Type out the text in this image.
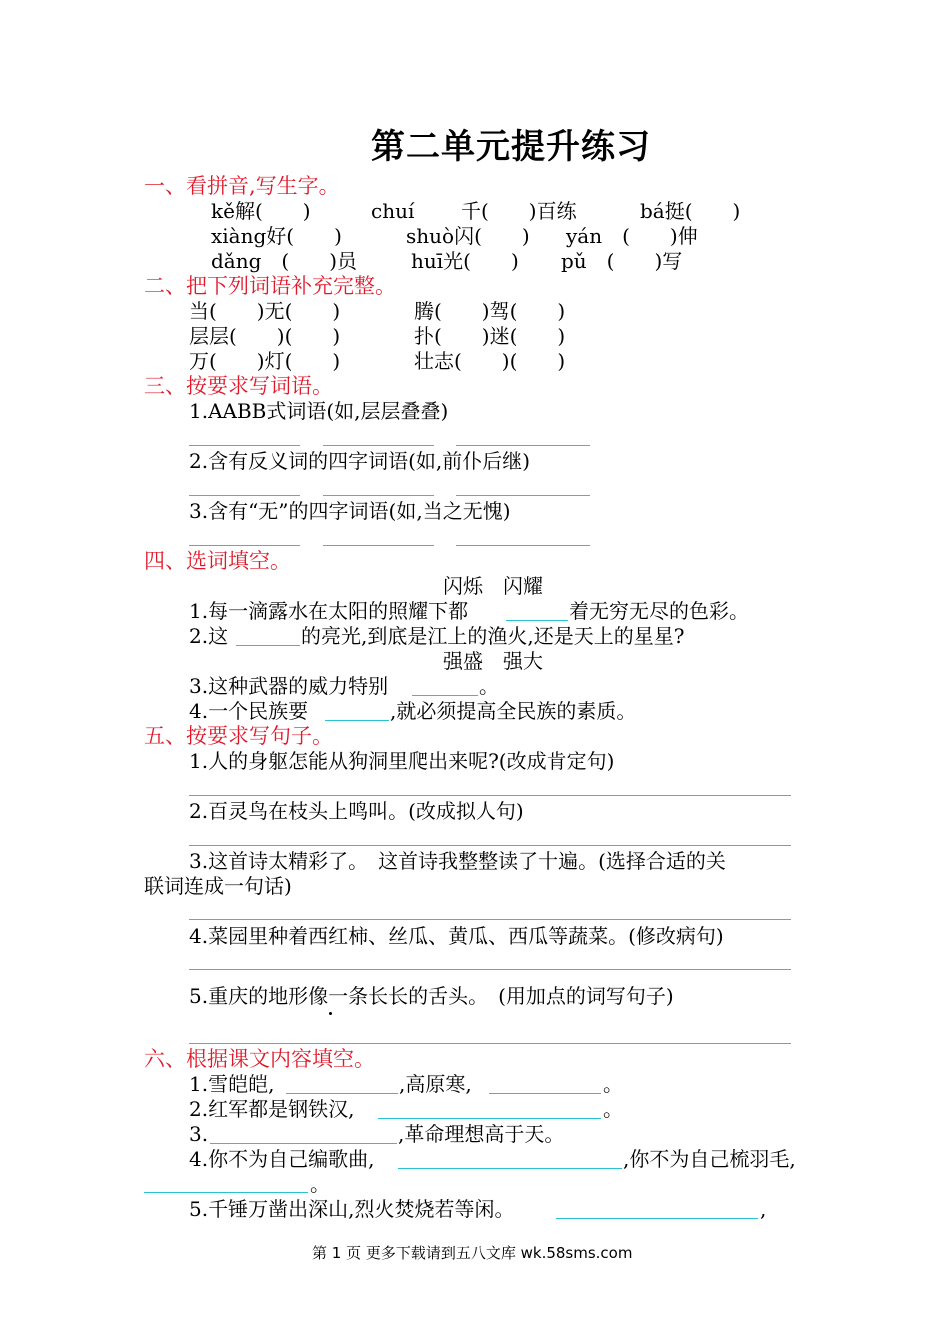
第二单元提升练习
一、看拼音,写生字。
kě解(　　)	chuí 千(　　)百练	bá挺(　　)
xiàng好(　　)	shuò闪(　　) yán　(　　)伸
dǎng　(　　)员	huī光(　　) pǔ　(　　)写
二、把下列词语补充完整。
当(　　)无(　　)	腾(　　)驾(　　)
层层(　　)(　　)	扑(　　)迷(　　)
万(　　)灯(　　)	壮志(　　)(　　)
三、按要求写词语。
1.AABB式词语(如,层层叠叠)
2.含有反义词的四字词语(如,前仆后继)
3.含有“无”的四字词语(如,当之无愧)
四、选词填空。
闪烁　闪耀
1.每一滴露水在太阳的照耀下都	着无穷无尽的色彩。
2.这	的亮光,到底是江上的渔火,还是天上的星星?
强盛　强大
3.这种武器的威力特别	。
4.一个民族要	,就必须提高全民族的素质。
五、按要求写句子。
1.人的身躯怎能从狗洞里爬出来呢?(改成肯定句)
2.百灵鸟在枝头上鸣叫。(改成拟人句)
3.这首诗太精彩了。　这首诗我整整读了十遍。(选择合适的关
联词连成一句话)
4.菜园里种着西红柿、丝瓜、黄瓜、西瓜等蔬菜。(修改病句)
5.重庆的地形像一条长长的舌头。　(用加点的词写句子)
六、根据课文内容填空。
1.雪皑皑,	,高原寒,	。
2.红军都是钢铁汉,	。
3.	,革命理想高于天。
4.你不为自己编歌曲,	,你不为自己梳羽毛,
。
5.千锤万凿出深山,烈火焚烧若等闲。	,
第 1 页 更多下载请到五八文库 wk.58sms.com
